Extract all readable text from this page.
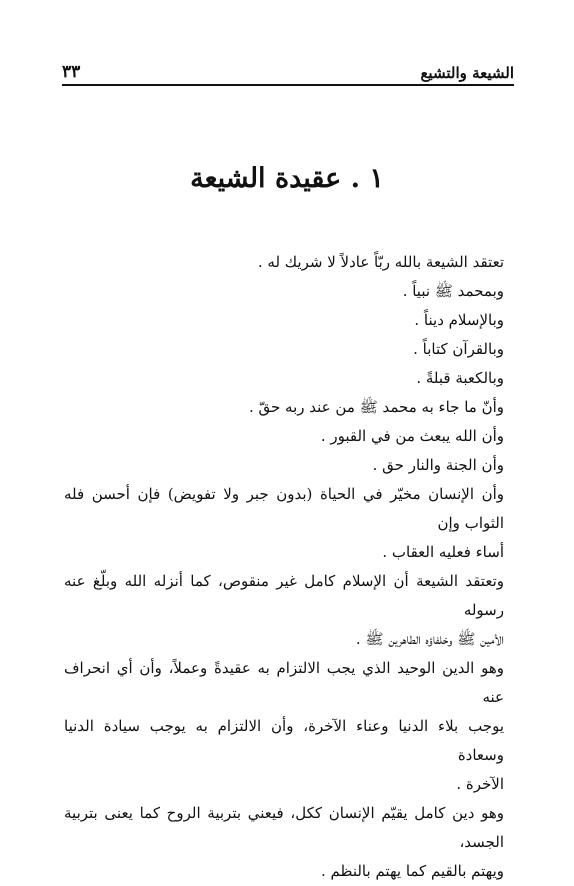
الشيعة والتشيع
٣٣
١ . عقيدة الشيعة

تعتقد الشيعة بالله ربّاً عادلاً لا شريك له .

وبمحمد ﷺ نبياً .

وبالإسلام ديناً .

وبالقرآن كتاباً .

وبالكعبة قبلةً .

وأنّ ما جاء به محمد ﷺ من عند ربه حقّ .

وأن الله يبعث من في القبور .

وأن الجنة والنار حق .

وأن الإنسان مخيّر في الحياة (بدون جبر ولا تفويض) فإن أحسن فله الثواب وإن

أساء فعليه العقاب .

وتعتقد الشيعة أن الإسلام كامل غير منقوص، كما أنزله الله وبلّغ عنه رسوله

الأمين ﷺ وخلفاؤه الطاهرين ﷺ .

وهو الدين الوحيد الذي يجب الالتزام به عقيدةً وعملاً، وأن أي انحراف عنه

يوجب بلاء الدنيا وعناء الآخرة، وأن الالتزام به يوجب سيادة الدنيا وسعادة

الآخرة .

وهو دين كامل يقيّم الإنسان ككل، فيعني بتربية الروح كما يعنى بتربية الجسد،

ويهتم بالقيم كما يهتم بالنظم .
